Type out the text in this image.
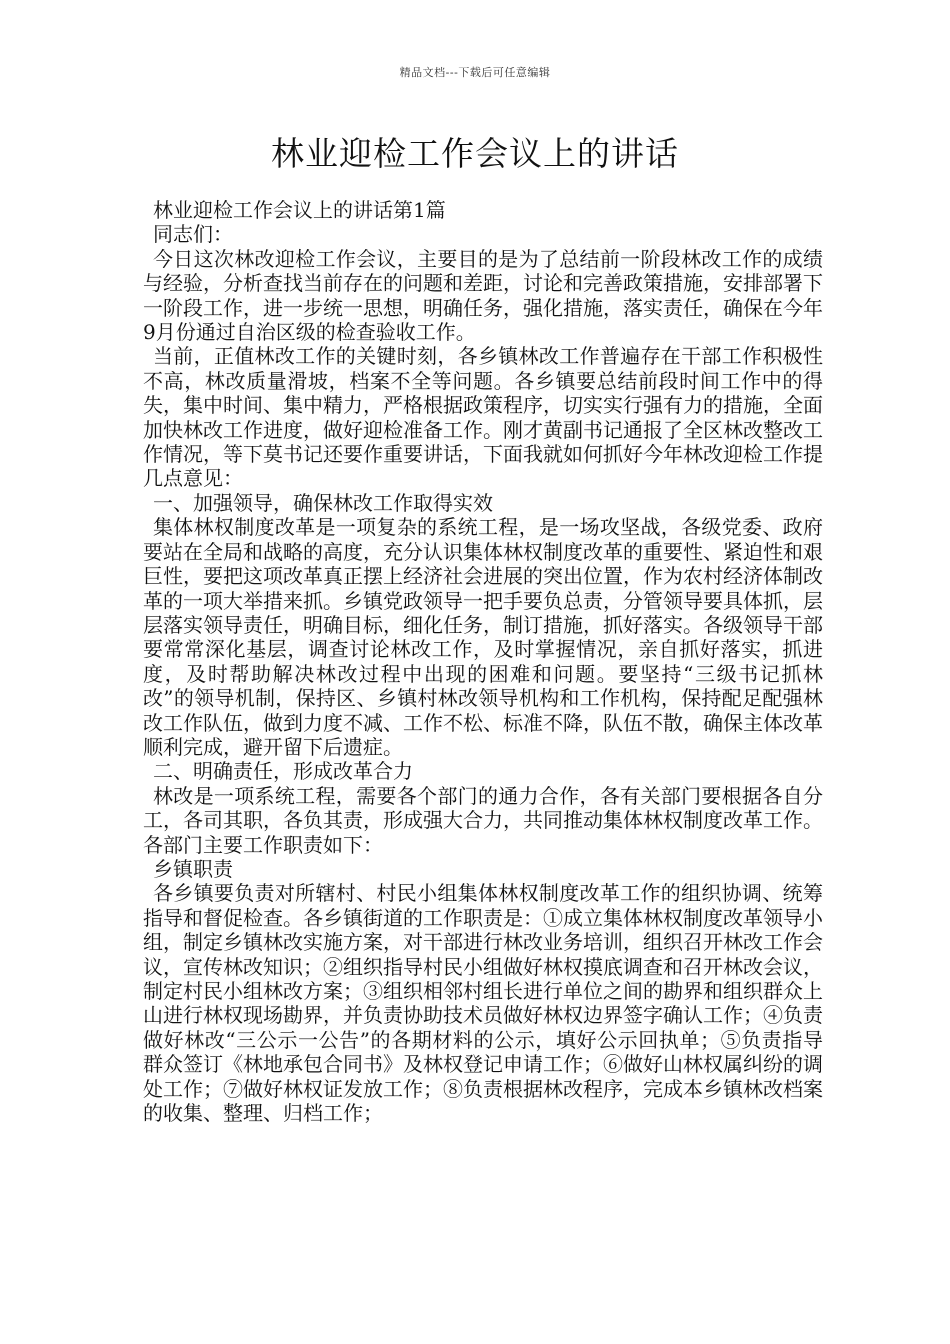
精品文档---下载后可任意编辑
林业迎检工作会议上的讲话

林业迎检工作会议上的讲话第1篇

同志们：

今日这次林改迎检工作会议，主要目的是为了总结前一阶段林改工作的成绩与经验，分析查找当前存在的问题和差距，讨论和完善政策措施，安排部署下一阶段工作，进一步统一思想，明确任务，强化措施，落实责任，确保在今年9月份通过自治区级的检查验收工作。

当前，正值林改工作的关键时刻，各乡镇林改工作普遍存在干部工作积极性不高，林改质量滑坡，档案不全等问题。各乡镇要总结前段时间工作中的得失，集中时间、集中精力，严格根据政策程序，切实实行强有力的措施，全面加快林改工作进度，做好迎检准备工作。刚才黄副书记通报了全区林改整改工作情况，等下莫书记还要作重要讲话，下面我就如何抓好今年林改迎检工作提几点意见：

一、加强领导，确保林改工作取得实效

集体林权制度改革是一项复杂的系统工程，是一场攻坚战，各级党委、政府要站在全局和战略的高度，充分认识集体林权制度改革的重要性、紧迫性和艰巨性，要把这项改革真正摆上经济社会进展的突出位置，作为农村经济体制改革的一项大举措来抓。乡镇党政领导一把手要负总责，分管领导要具体抓，层层落实领导责任，明确目标，细化任务，制订措施，抓好落实。各级领导干部要常常深化基层，调查讨论林改工作，及时掌握情况，亲自抓好落实，抓进度，及时帮助解决林改过程中出现的困难和问题。要坚持“三级书记抓林改”的领导机制，保持区、乡镇村林改领导机构和工作机构，保持配足配强林改工作队伍，做到力度不减、工作不松、标准不降，队伍不散，确保主体改革顺利完成，避开留下后遗症。

二、明确责任，形成改革合力

林改是一项系统工程，需要各个部门的通力合作，各有关部门要根据各自分工，各司其职，各负其责，形成强大合力，共同推动集体林权制度改革工作。各部门主要工作职责如下：

乡镇职责

各乡镇要负责对所辖村、村民小组集体林权制度改革工作的组织协调、统筹指导和督促检查。各乡镇街道的工作职责是：①成立集体林权制度改革领导小组，制定乡镇林改实施方案，对干部进行林改业务培训，组织召开林改工作会议，宣传林改知识；②组织指导村民小组做好林权摸底调查和召开林改会议，制定村民小组林改方案；③组织相邻村组长进行单位之间的勘界和组织群众上山进行林权现场勘界，并负责协助技术员做好林权边界签字确认工作；④负责做好林改“三公示一公告”的各期材料的公示，填好公示回执单；⑤负责指导群众签订《林地承包合同书》及林权登记申请工作；⑥做好山林权属纠纷的调处工作；⑦做好林权证发放工作；⑧负责根据林改程序，完成本乡镇林改档案的收集、整理、归档工作；
